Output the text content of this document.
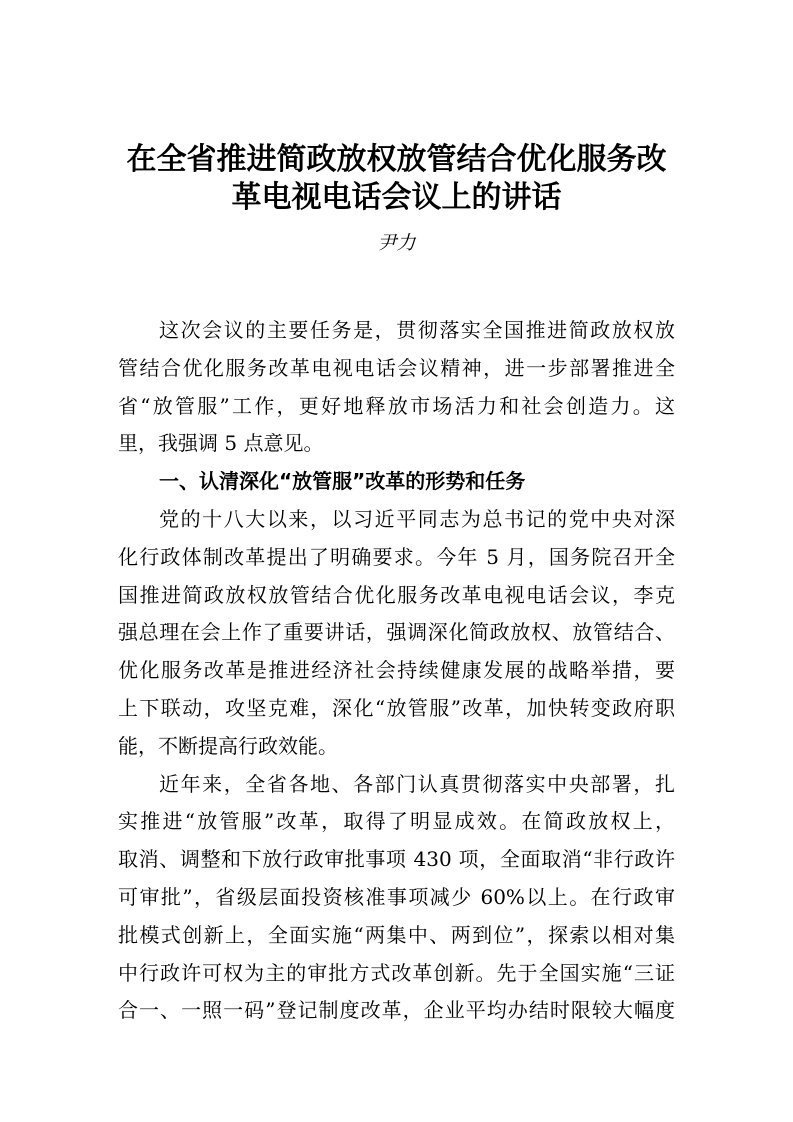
在全省推进简政放权放管结合优化服务改
革电视电话会议上的讲话
尹力
这次会议的主要任务是，贯彻落实全国推进简政放权放
管结合优化服务改革电视电话会议精神，进一步部署推进全
省“放管服”工作，更好地释放市场活力和社会创造力。这
里，我强调 5 点意见。
一、认清深化“放管服”改革的形势和任务
党的十八大以来，以习近平同志为总书记的党中央对深
化行政体制改革提出了明确要求。今年 5 月，国务院召开全
国推进简政放权放管结合优化服务改革电视电话会议，李克
强总理在会上作了重要讲话，强调深化简政放权、放管结合、
优化服务改革是推进经济社会持续健康发展的战略举措，要
上下联动，攻坚克难，深化“放管服”改革，加快转变政府职
能，不断提高行政效能。
近年来，全省各地、各部门认真贯彻落实中央部署，扎
实推进“放管服”改革，取得了明显成效。在简政放权上，
取消、调整和下放行政审批事项 430 项，全面取消“非行政许
可审批”，省级层面投资核准事项减少 60%以上。在行政审
批模式创新上，全面实施“两集中、两到位”，探索以相对集
中行政许可权为主的审批方式改革创新。先于全国实施“三证
合一、一照一码”登记制度改革，企业平均办结时限较大幅度
